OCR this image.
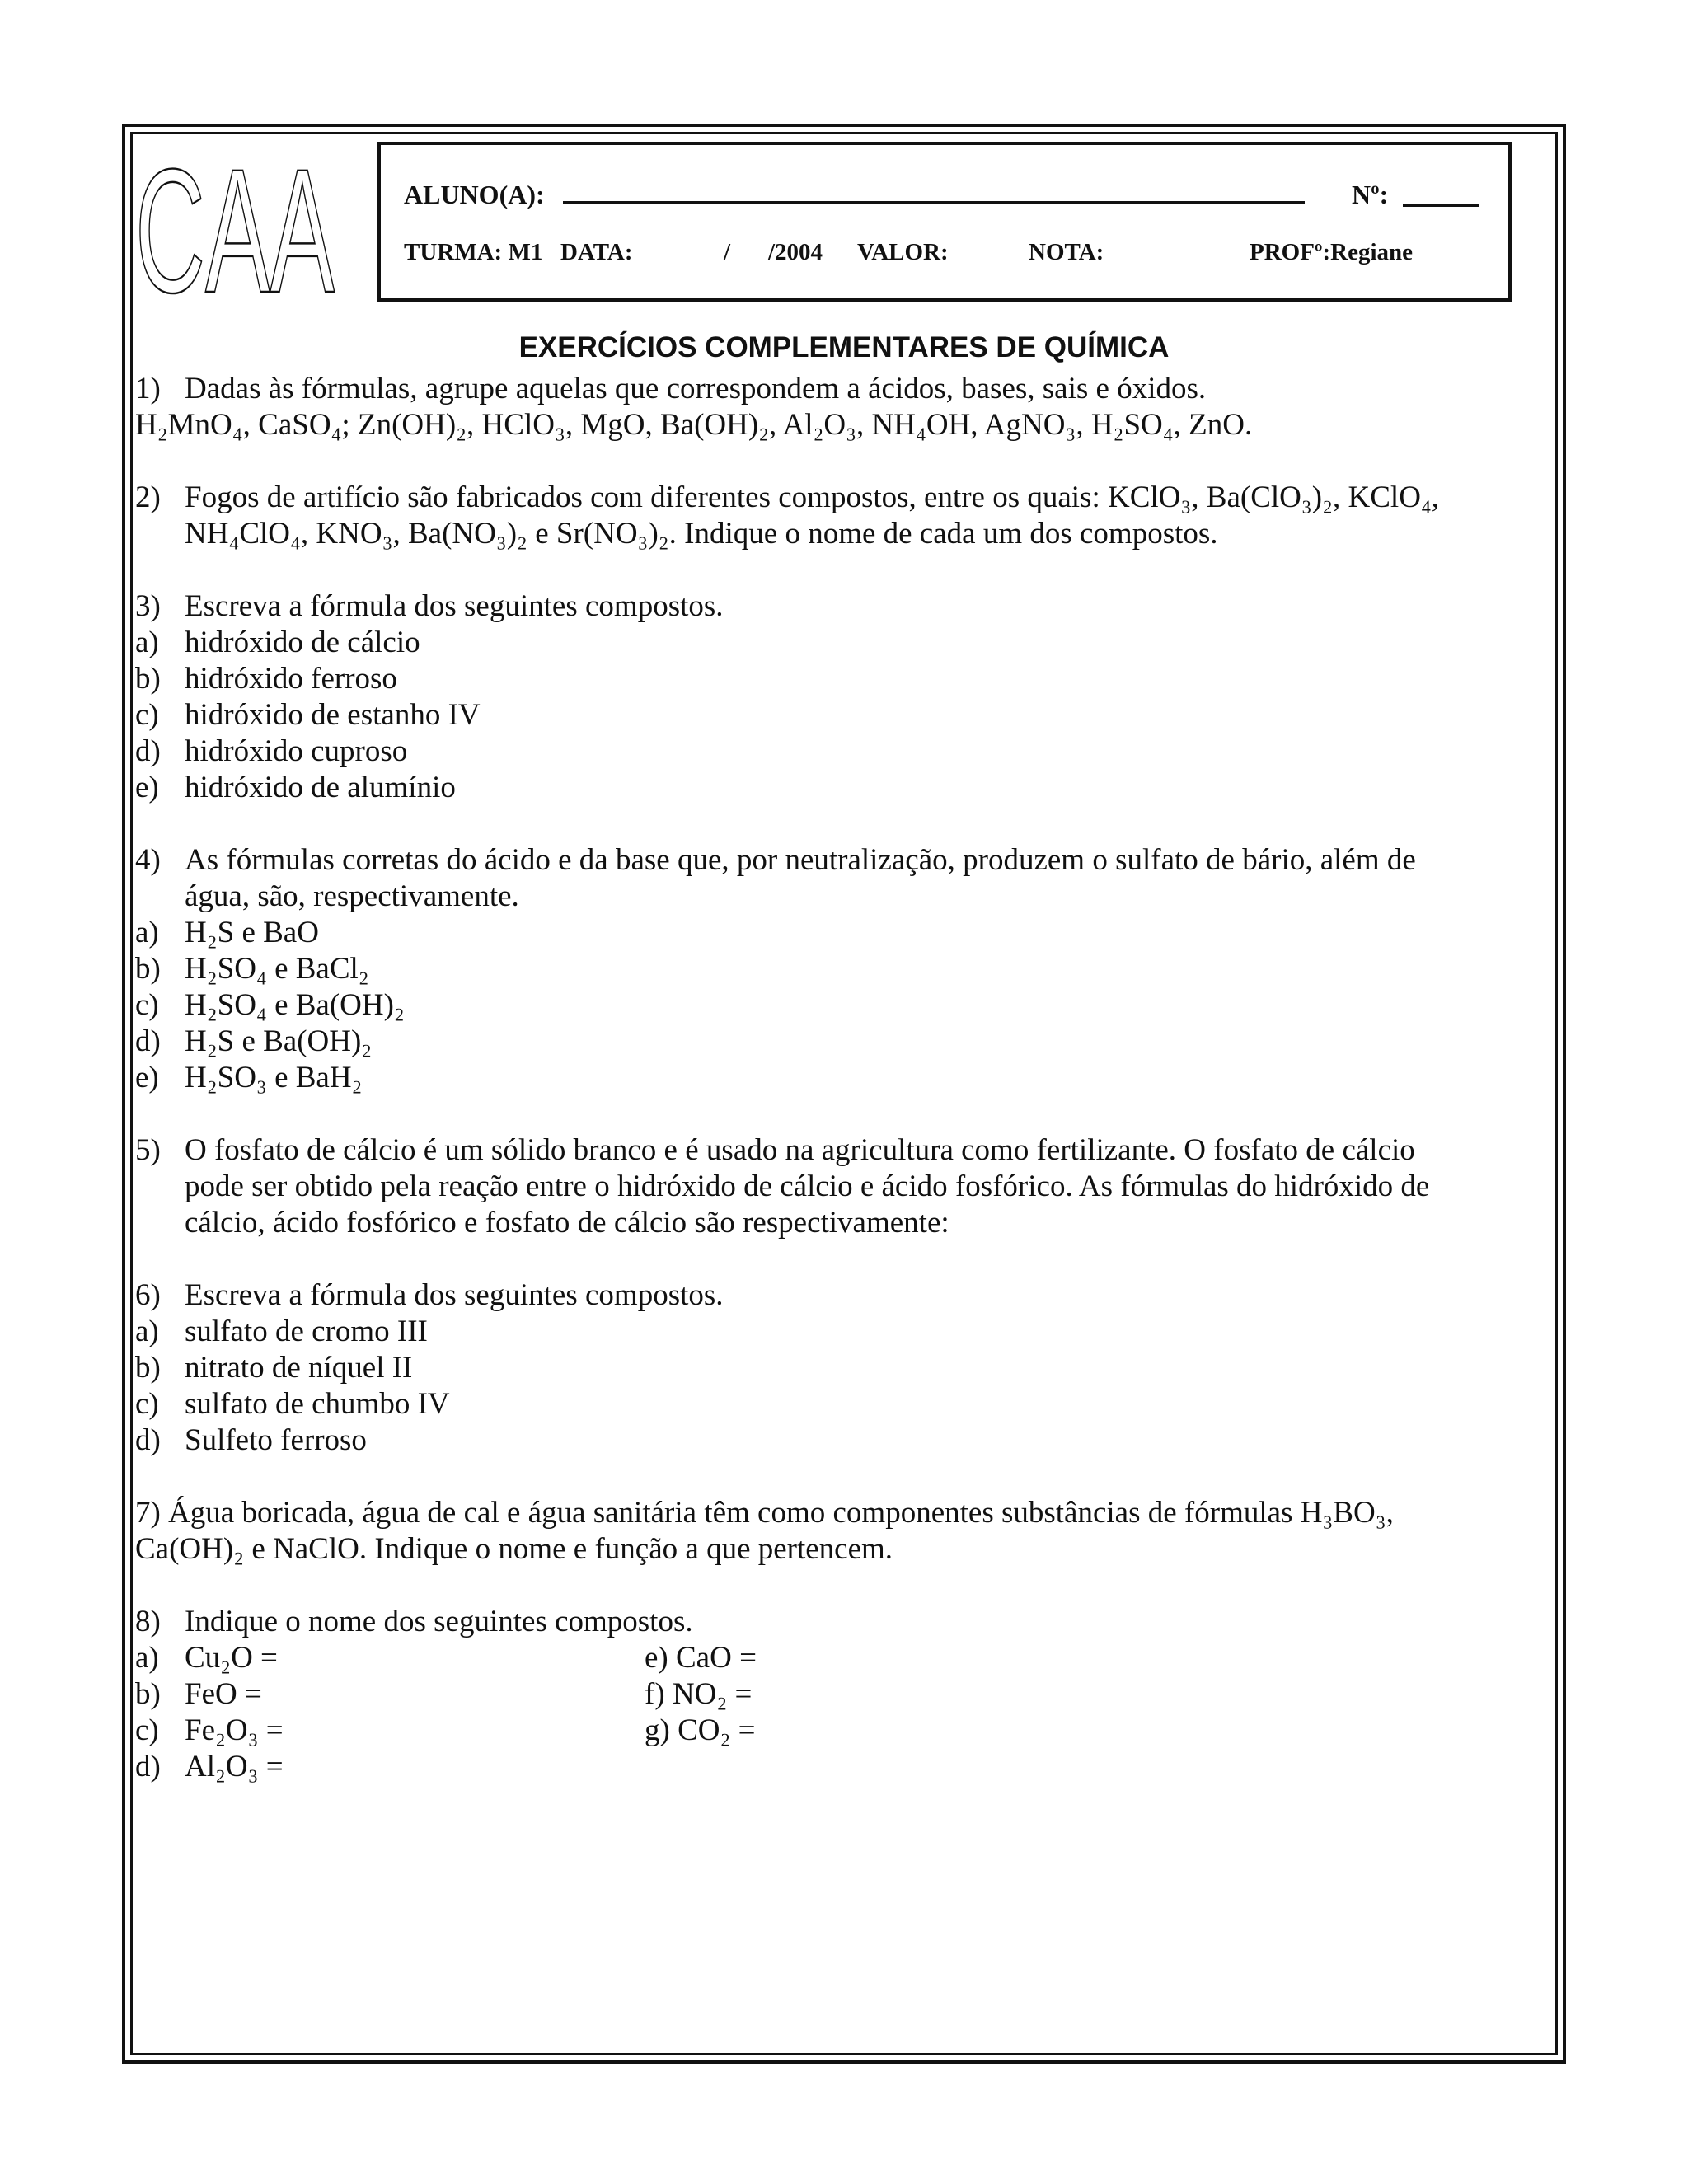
CAA	ALUNO(A):	Nº:
TURMA: M1 DATA:	/ /2004 VALOR:	NOTA:	PROFº:Regiane
EXERCÍCIOS COMPLEMENTARES DE QUÍMICA
1) Dadas às fórmulas, agrupe aquelas que correspondem a ácidos, bases, sais e óxidos.
H₂MnO₄, CaSO₄; Zn(OH)₂, HClO₃, MgO, Ba(OH)₂, Al₂O₃, NH₄OH, AgNO₃, H₂SO₄, ZnO.
2) Fogos de artifício são fabricados com diferentes compostos, entre os quais: KClO₃, Ba(ClO₃)₂, KClO₄,
NH₄ClO₄, KNO₃, Ba(NO₃)₂ e Sr(NO₃)₂. Indique o nome de cada um dos compostos.
3) Escreva a fórmula dos seguintes compostos.
a) hidróxido de cálcio
b) hidróxido ferroso
c) hidróxido de estanho IV
d) hidróxido cuproso
e) hidróxido de alumínio
4) As fórmulas corretas do ácido e da base que, por neutralização, produzem o sulfato de bário, além de
água, são, respectivamente.
a) H₂S e BaO
b) H₂SO₄ e BaCl₂
c) H₂SO₄ e Ba(OH)₂
d) H₂S e Ba(OH)₂
e) H₂SO₃ e BaH₂
5) O fosfato de cálcio é um sólido branco e é usado na agricultura como fertilizante. O fosfato de cálcio
pode ser obtido pela reação entre o hidróxido de cálcio e ácido fosfórico. As fórmulas do hidróxido de
cálcio, ácido fosfórico e fosfato de cálcio são respectivamente:
6) Escreva a fórmula dos seguintes compostos.
a) sulfato de cromo III
b) nitrato de níquel II
c) sulfato de chumbo IV
d) Sulfeto ferroso
7) Água boricada, água de cal e água sanitária têm como componentes substâncias de fórmulas H₃BO₃,
Ca(OH)₂ e NaClO. Indique o nome e função a que pertencem.
8) Indique o nome dos seguintes compostos.
a) Cu₂O =	e) CaO =
b) FeO =	f) NO₂ =
c) Fe₂O₃ =	g) CO₂ =
d) Al₂O₃ =
